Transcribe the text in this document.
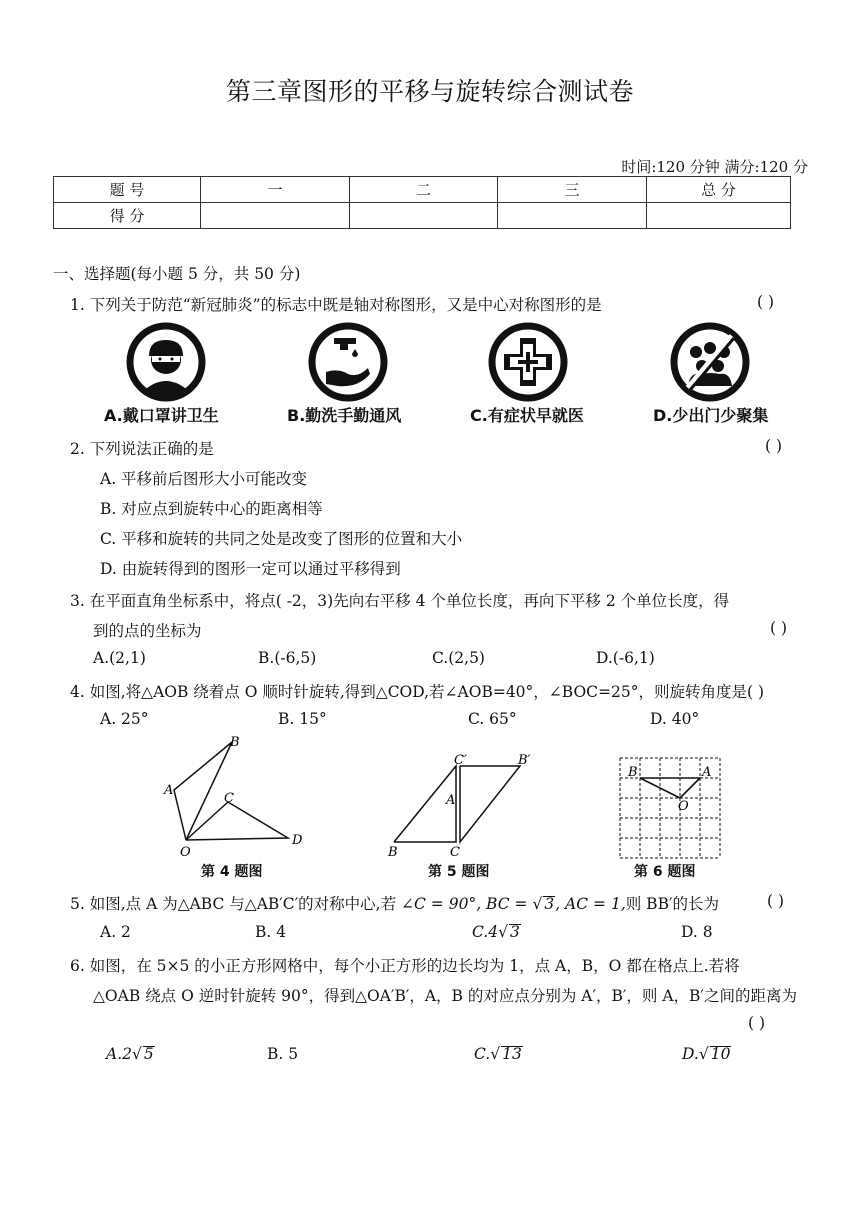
第三章图形的平移与旋转综合测试卷
时间:120 分钟 满分:120 分
题 号	一	二	三	总 分
得 分				
一、选择题(每小题 5 分，共 50 分)
1. 下列关于防范“新冠肺炎”的标志中既是轴对称图形，又是中心对称图形的是	( )
A.戴口罩讲卫生	B.勤洗手勤通风	C.有症状早就医	D.少出门少聚集
2. 下列说法正确的是	( )
A. 平移前后图形大小可能改变
B. 对应点到旋转中心的距离相等
C. 平移和旋转的共同之处是改变了图形的位置和大小
D. 由旋转得到的图形一定可以通过平移得到
3. 在平面直角坐标系中，将点( -2，3)先向右平移 4 个单位长度，再向下平移 2 个单位长度，得
到的点的坐标为	( )
A.(2,1)	B.(-6,5)	C.(2,5)	D.(-6,1)
4. 如图,将△AOB 绕着点 O 顺时针旋转,得到△COD,若∠AOB=40°，∠BOC=25°，则旋转角度是( )
A. 25°	B. 15°	C. 65°	D. 40°
B
A
C
O
D
第 4 题图
C′	B′
A
B	C
第 5 题图
B	A
O
第 6 题图
5. 如图,点 A 为△ABC 与△AB′C′的对称中心,若 ∠C = 90°, BC = √ 3, AC = 1,则 BB′的长为	( )
A. 2	B. 4	C.4√ 3	D. 8
6. 如图，在 5×5 的小正方形网格中，每个小正方形的边长均为 1，点 A，B，O 都在格点上.若将
△OAB 绕点 O 逆时针旋转 90°，得到△OA′B′，A，B 的对应点分别为 A′，B′，则 A，B′之间的距离为
( )
A.2√ 5	B. 5	C.√ 13	D.√ 10
